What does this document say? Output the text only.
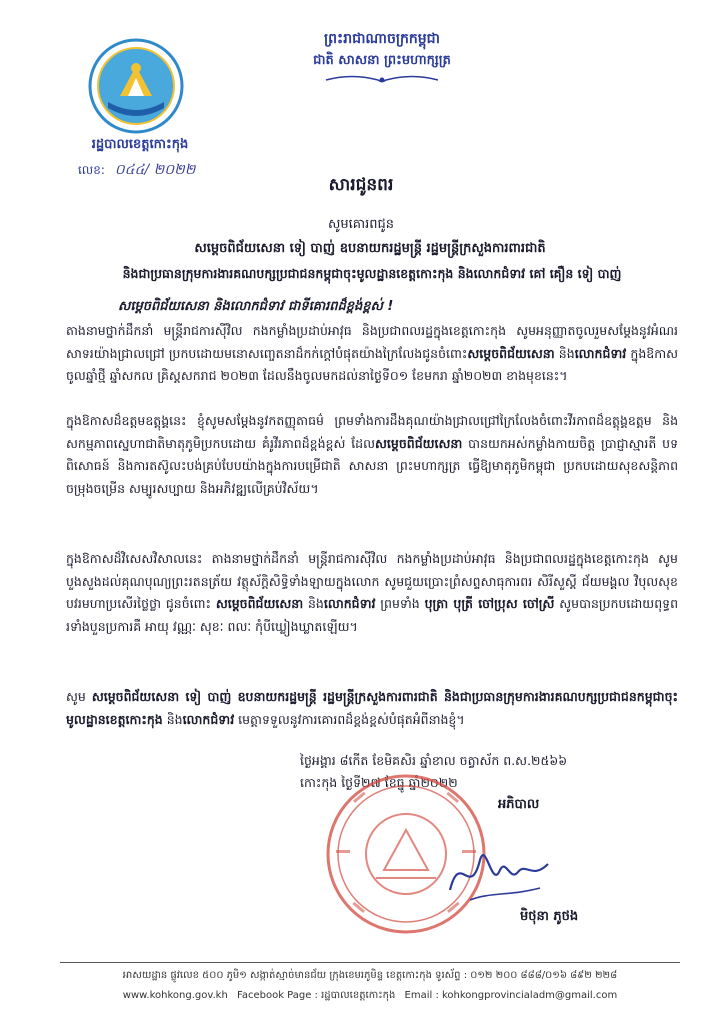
រដ្ឋបាលខេត្តកោះកុង
លេខ: ០៤៤/ ២០២២
ព្រះរាជាណាចក្រកម្ពុជា
ជាតិ សាសនា ព្រះមហាក្សត្រ
សារជូនពរ
សូមគោរពជូន
សម្តេចពិជ័យសេនា ទៀ បាញ់ ឧបនាយករដ្ឋមន្ត្រី រដ្ឋមន្ត្រីក្រសួងការពារជាតិ
និងជាប្រធានក្រុមការងារគណបក្សប្រជាជនកម្ពុជាចុះមូលដ្ឋានខេត្តកោះកុង និងលោកជំទាវ គៅ គឿន ទៀ បាញ់
សម្តេចពិជ័យសេនា និងលោកជំទាវ ជាទីគោរពដ៏ខ្ពង់ខ្ពស់ !
តាងនាមថ្នាក់ដឹកនាំ មន្ត្រីរាជការស៊ីវិល កងកម្លាំងប្រដាប់អាវុធ និងប្រជាពលរដ្ឋក្នុងខេត្តកោះកុង សូមអនុញ្ញាតចូលរួមសម្តែងនូវអំណរសាទរយ៉ាងជ្រាលជ្រៅ ប្រកបដោយមនោសញ្ចេតនាដ៏កក់ក្តៅបំផុតយ៉ាងក្រៃលែងជូនចំពោះសម្តេចពិជ័យសេនា និងលោកជំទាវ ក្នុងឱកាសចូលឆ្នាំថ្មី ឆ្នាំសកល គ្រិស្តសករាជ ២០២៣ ដែលនឹងចូលមកដល់នាថ្ងៃទី០១ ខែមករា ឆ្នាំ២០២៣ ខាងមុខនេះ។
ក្នុងឱកាសដ៏ឧត្តមឧត្តុង្គនេះ ខ្ញុំសូមសម្តែងនូវកតញ្ញុតាធម៌ ព្រមទាំងការដឹងគុណយ៉ាងជ្រាលជ្រៅក្រៃលែងចំពោះវីរភាពដ៏ឧត្តុង្គឧត្តម និងសកម្មភាពស្នេហាជាតិមាតុភូមិប្រកបដោយ គំរូវីរភាពដ៏ខ្ពង់ខ្ពស់ ដែលសម្តេចពិជ័យសេនា បានយកអស់កម្លាំងកាយចិត្ត ប្រាជ្ញាស្មារតី បទពិសោធន៍ និងការតស៊ូលះបង់គ្រប់បែបយ៉ាងក្នុងការបម្រើជាតិ សាសនា ព្រះមហាក្សត្រ ធ្វើឱ្យមាតុភូមិកម្ពុជា ប្រកបដោយសុខសន្តិភាព ចម្រុងចម្រើន សម្បូរសប្បាយ និងអភិវឌ្ឍលើគ្រប់វិស័យ។
ក្នុងឱកាសដ៏វិសេសវិសាលនេះ តាងនាមថ្នាក់ដឹកនាំ មន្ត្រីរាជការស៊ីវិល កងកម្លាំងប្រដាប់អាវុធ និងប្រជាពលរដ្ឋក្នុងខេត្តកោះកុង សូមបួងសួងដល់គុណបុណ្យព្រះរតនត្រ័យ វត្ថុស័ក្តិសិទ្ធិទាំងឡាយក្នុងលោក សូមជួយប្រោះព្រំសព្ទសាធុការពរ សិរីសួស្តី ជ័យមង្គល វិបុលសុខ បវរមហាប្រសើរថ្លៃថ្លា ជូនចំពោះ សម្តេចពិជ័យសេនា និងលោកជំទាវ ព្រមទាំង បុត្រា បុត្រី ចៅប្រុស ចៅស្រី សូមបានប្រកបដោយពុទ្ធពរទាំងបួនប្រការគឺ អាយុ វណ្ណៈ សុខៈ ពលៈ កុំបីឃ្លៀងឃ្លាតឡើយ។
សូម សម្តេចពិជ័យសេនា ទៀ បាញ់ ឧបនាយករដ្ឋមន្ត្រី រដ្ឋមន្ត្រីក្រសួងការពារជាតិ និងជាប្រធានក្រុមការងារគណបក្សប្រជាជនកម្ពុជាចុះមូលដ្ឋានខេត្តកោះកុង និងលោកជំទាវ មេត្តាទទួលនូវការគោរពដ៏ខ្ពង់ខ្ពស់បំផុតអំពីនាងខ្ញុំ។
ថ្ងៃអង្គារ ៨កើត ខែមិគសិរ ឆ្នាំខាល ចត្វាស័ក ព.ស.២៥៦៦
កោះកុង ថ្ងៃទី២៧ ខែធ្នូ ឆ្នាំ២០២២
អភិបាល
មិថុនា ភូថង
អាសយដ្ឋាន ផ្លូវលេខ ៥០០ ភូមិ១ សង្កាត់ស្មាច់មានជ័យ ក្រុងខេមរភូមិន្ទ ខេត្តកោះកុង ទូរស័ព្ទ : ០១២ ២០០ ៨៨៨/០១៦ ៨៩២ ២២៨
www.kohkong.gov.kh Facebook Page : រដ្ឋបាលខេត្តកោះកុង Email : kohkongprovincialadm@gmail.com
